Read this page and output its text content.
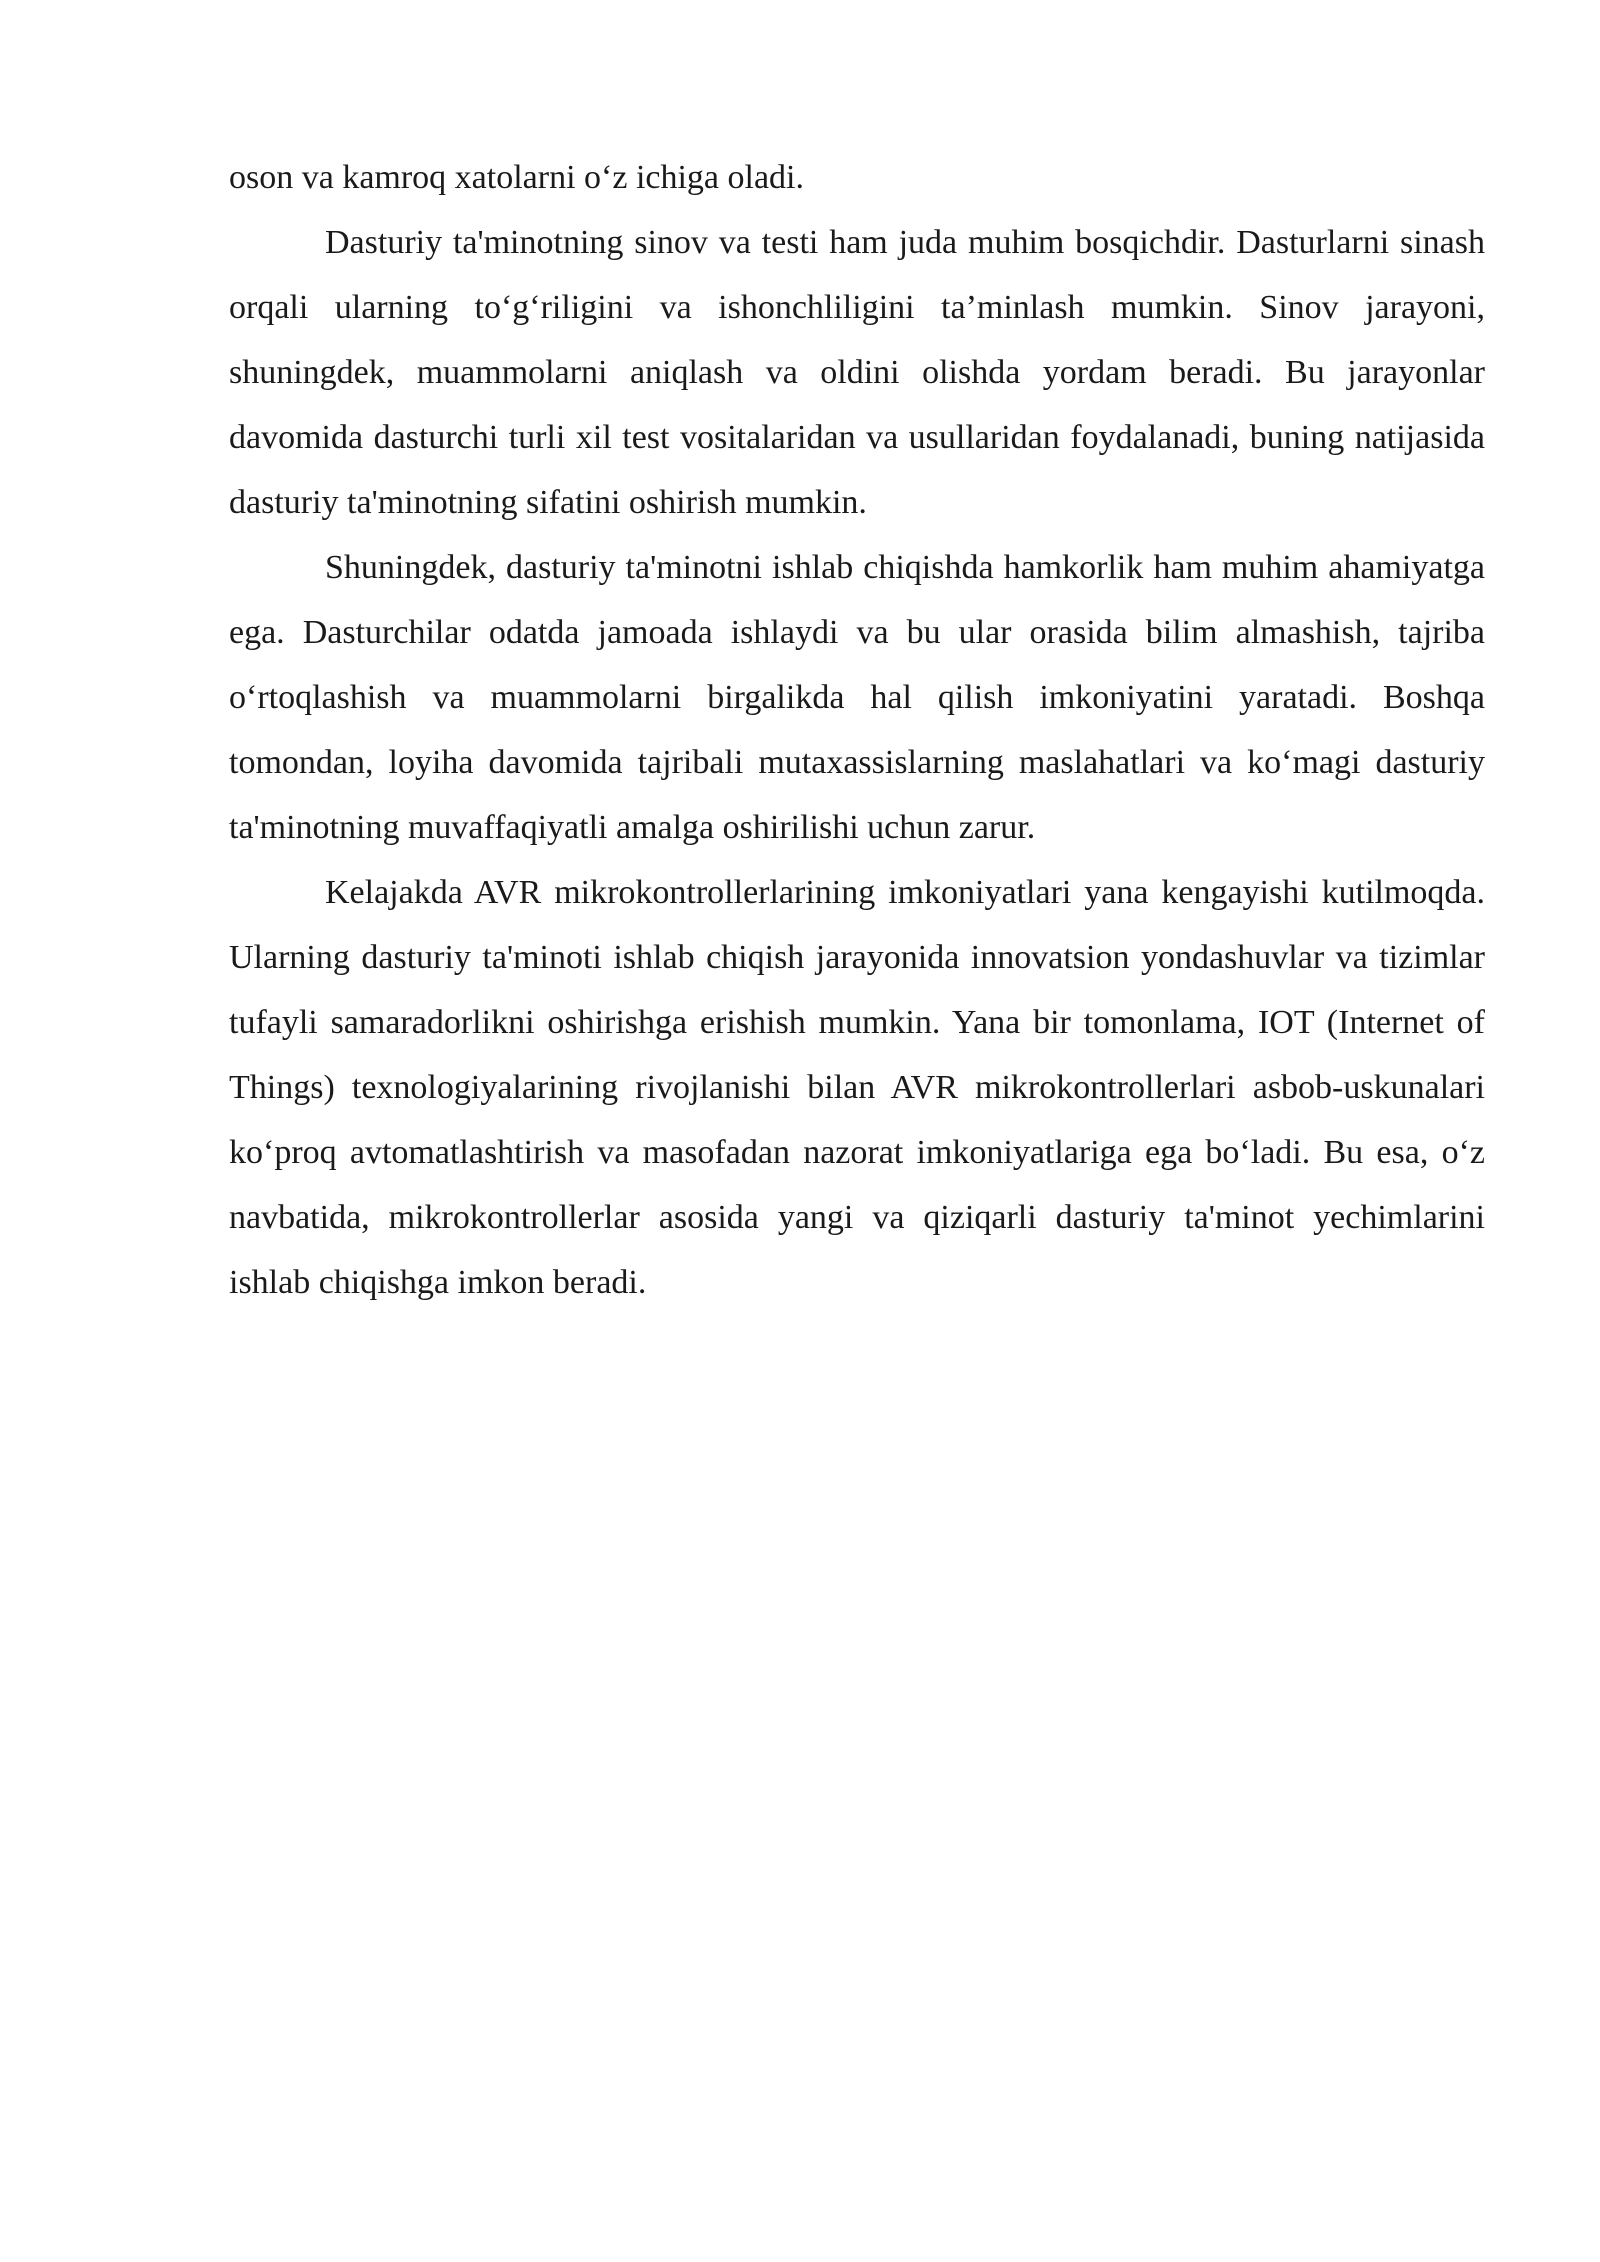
oson va kamroq xatolarni o‘z ichiga oladi.

Dasturiy ta'minotning sinov va testi ham juda muhim bosqichdir. Dasturlarni sinash orqali ularning to‘g‘riligini va ishonchliligini ta’minlash mumkin. Sinov jarayoni, shuningdek, muammolarni aniqlash va oldini olishda yordam beradi. Bu jarayonlar davomida dasturchi turli xil test vositalaridan va usullaridan foydalanadi, buning natijasida dasturiy ta'minotning sifatini oshirish mumkin.

Shuningdek, dasturiy ta'minotni ishlab chiqishda hamkorlik ham muhim ahamiyatga ega. Dasturchilar odatda jamoada ishlaydi va bu ular orasida bilim almashish, tajriba o‘rtoqlashish va muammolarni birgalikda hal qilish imkoniyatini yaratadi. Boshqa tomondan, loyiha davomida tajribali mutaxassislarning maslahatlari va ko‘magi dasturiy ta'minotning muvaffaqiyatli amalga oshirilishi uchun zarur.

Kelajakda AVR mikrokontrollerlarining imkoniyatlari yana kengayishi kutilmoqda. Ularning dasturiy ta'minoti ishlab chiqish jarayonida innovatsion yondashuvlar va tizimlar tufayli samaradorlikni oshirishga erishish mumkin. Yana bir tomonlama, IOT (Internet of Things) texnologiyalarining rivojlanishi bilan AVR mikrokontrollerlari asbob-uskunalari ko‘proq avtomatlashtirish va masofadan nazorat imkoniyatlariga ega bo‘ladi. Bu esa, o‘z navbatida, mikrokontrollerlar asosida yangi va qiziqarli dasturiy ta'minot yechimlarini ishlab chiqishga imkon beradi.
